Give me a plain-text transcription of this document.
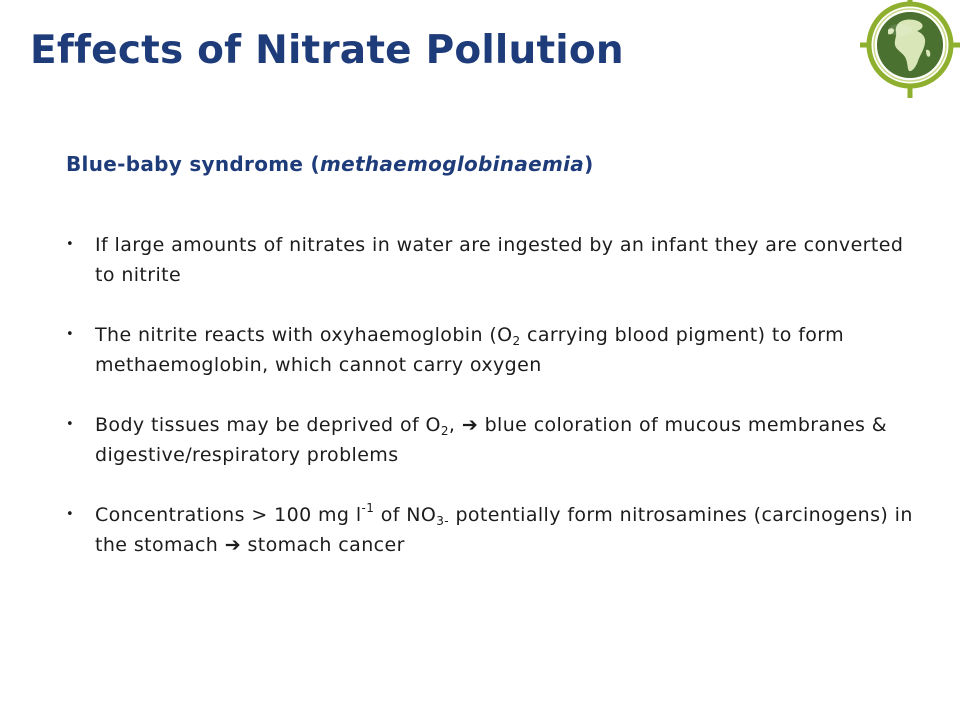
Effects of Nitrate Pollution
Blue-baby syndrome (methaemoglobinaemia)
• If large amounts of nitrates in water are ingested by an infant they are converted to nitrite
• The nitrite reacts with oxyhaemoglobin ($O_2$ carrying blood pigment) to form methaemoglobin, which cannot carry oxygen
• Body tissues may be deprived of $O_2$, ➔ blue coloration of mucous membranes & digestive/respiratory problems
• Concentrations > 100 mg $l^{-1}$ of $NO_{3-}$ potentially form nitrosamines (carcinogens) in the stomach ➔ stomach cancer
